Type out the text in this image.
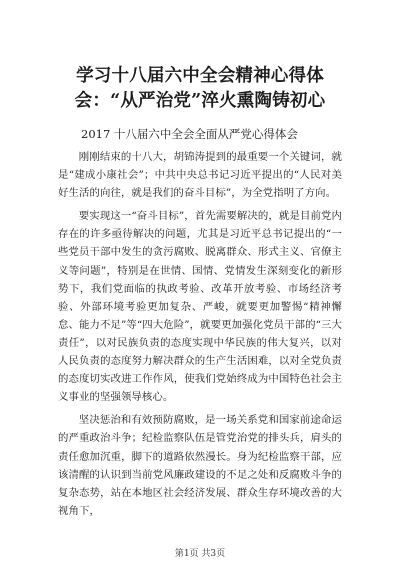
学习十八届六中全会精神心得体会：“从严治党”淬火熏陶铸初心

2017 十八届六中全会全面从严党心得体会

刚刚结束的十八大，胡锦涛提到的最重要一个关键词，就是“建成小康社会”；中共中央总书记习近平提出的“人民对美好生活的向往，就是我们的奋斗目标”，为全党指明了方向。

要实现这一“奋斗目标”，首先需要解决的，就是目前党内存在的许多亟待解决的问题，尤其是习近平总书记提出的“一些党员干部中发生的贪污腐败、脱离群众、形式主义、官僚主义等问题”，特别是在世情、国情、党情发生深刻变化的新形势下，我们党面临的执政考验、改革开放考验、市场经济考验、外部环境考验更加复杂、严峻，就要更加警惕“精神懈怠、能力不足”等“四大危险”，就要更加强化党员干部的“三大责任”，以对民族负责的态度实现中华民族的伟大复兴，以对人民负责的态度努力解决群众的生产生活困难，以对全党负责的态度切实改进工作作风，使我们党始终成为中国特色社会主义事业的坚强领导核心。

坚决惩治和有效预防腐败，是一场关系党和国家前途命运的严重政治斗争；纪检监察队伍是管党治党的排头兵，肩头的责任愈加沉重，脚下的道路依然漫长。身为纪检监察干部，应该清醒的认识到当前党风廉政建设的不足之处和反腐败斗争的复杂态势，站在本地区社会经济发展、群众生存环境改善的大视角下，

第1页 共3页
